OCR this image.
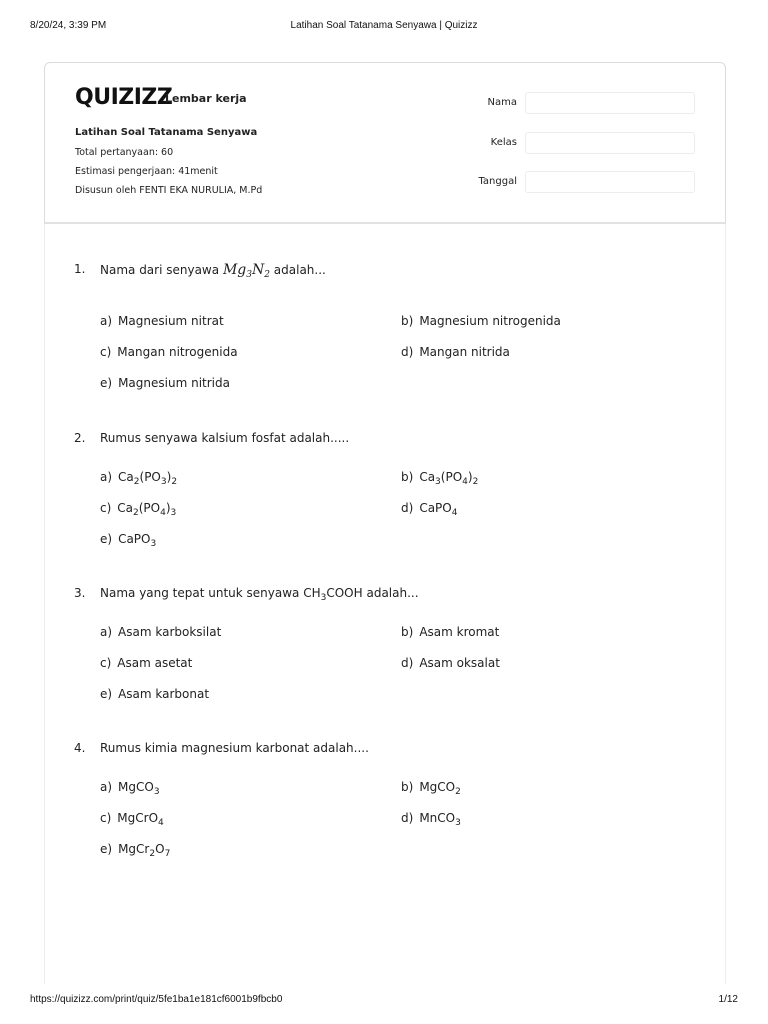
8/20/24, 3:39 PM	Latihan Soal Tatanama Senyawa | Quizizz
QUIZIZZ
Lembar kerja
Latihan Soal Tatanama Senyawa
Total pertanyaan: 60
Estimasi pengerjaan: 41menit
Disusun oleh FENTI EKA NURULIA, M.Pd
Nama
Kelas
Tanggal
1. Nama dari senyawa $Mg_3N_2$ adalah...
a) Magnesium nitrat	b) Magnesium nitrogenida
c) Mangan nitrogenida	d) Mangan nitrida
e) Magnesium nitrida
2. Rumus senyawa kalsium fosfat adalah.....
a) $Ca_2(PO_3)_2$	b) $Ca_3(PO_4)_2$
c) $Ca_2(PO_4)_3$	d) CaPO$_4$
e) CaPO$_3$
3. Nama yang tepat untuk senyawa $CH_3COOH$ adalah...
a) Asam karboksilat	b) Asam kromat
c) Asam asetat	d) Asam oksalat
e) Asam karbonat
4. Rumus kimia magnesium karbonat adalah....
a) MgCO$_3$	b) MgCO$_2$
c) MgCrO$_4$	d) MnCO$_3$
e) $MgCr_2O_7$
https://quizizz.com/print/quiz/5fe1ba1e181cf6001b9fbcb0	1/12
